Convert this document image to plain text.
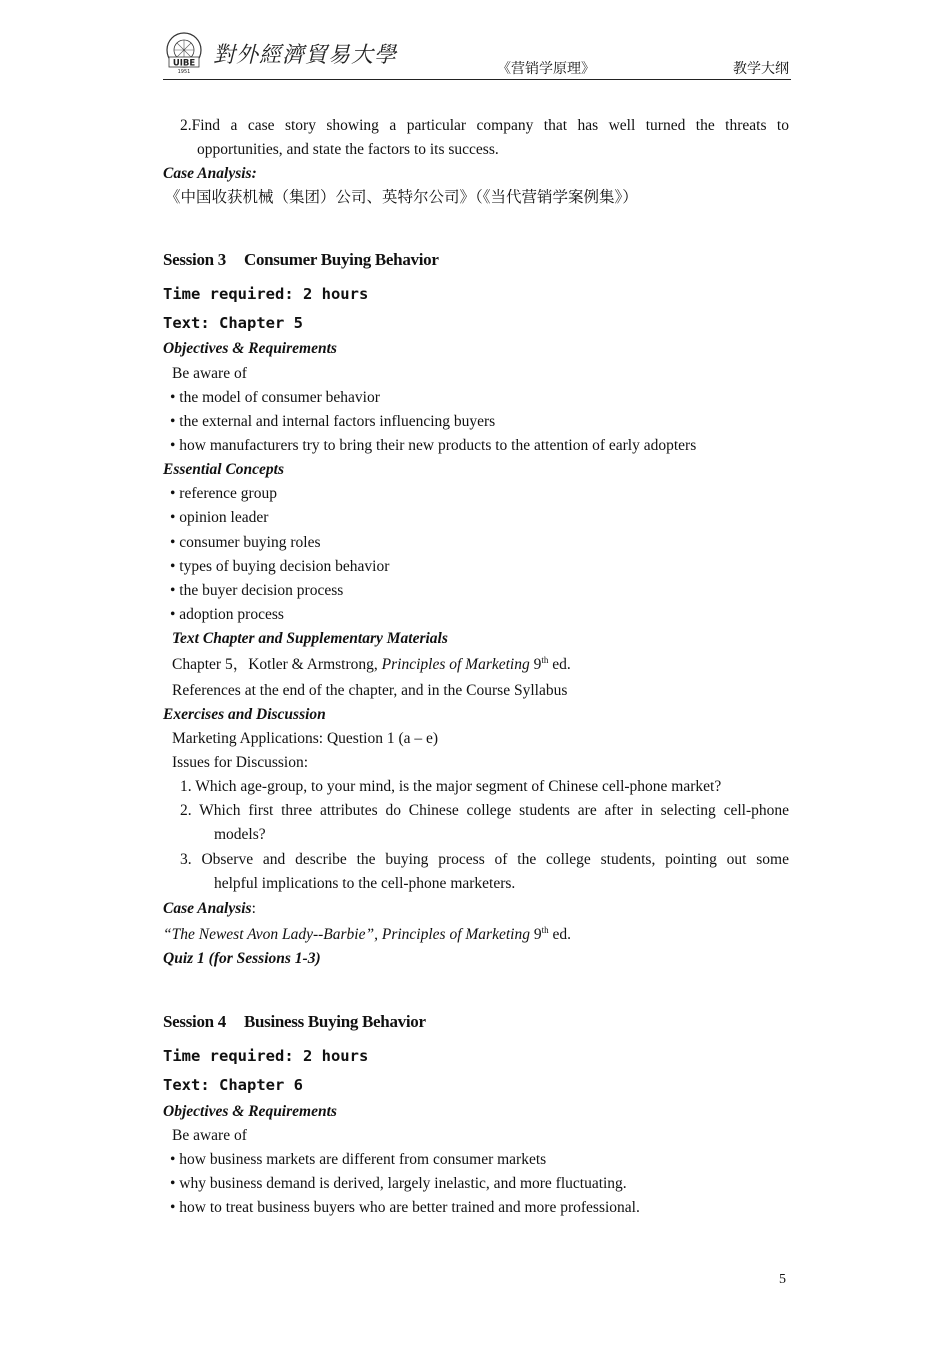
UIBE
1951
對外經濟貿易大學
《营销学原理》	教学大纲
2.Find a case story showing a particular company that has well turned the threats to
opportunities, and state the factors to its success.
Case Analysis:
《中国收获机械（集团）公司、英特尔公司》（《当代营销学案例集》）
Session 3 Consumer Buying Behavior
Time required: 2 hours
Text: Chapter 5
Objectives & Requirements
Be aware of
• the model of consumer behavior
• the external and internal factors influencing buyers
• how manufacturers try to bring their new products to the attention of early adopters
Essential Concepts
• reference group
• opinion leader
• consumer buying roles
• types of buying decision behavior
• the buyer decision process
• adoption process
Text Chapter and Supplementary Materials
Chapter 5，Kotler & Armstrong, Principles of Marketing 9th ed.
References at the end of the chapter, and in the Course Syllabus
Exercises and Discussion
Marketing Applications: Question 1 (a – e)
Issues for Discussion:
1. Which age-group, to your mind, is the major segment of Chinese cell-phone market?
2. Which first three attributes do Chinese college students are after in selecting cell-phone
models?
3. Observe and describe the buying process of the college students, pointing out some
helpful implications to the cell-phone marketers.
Case Analysis:
“The Newest Avon Lady--Barbie”, Principles of Marketing 9th ed.
Quiz 1 (for Sessions 1-3)
Session 4 Business Buying Behavior
Time required: 2 hours
Text: Chapter 6
Objectives & Requirements
Be aware of
• how business markets are different from consumer markets
• why business demand is derived, largely inelastic, and more fluctuating.
• how to treat business buyers who are better trained and more professional.
5
